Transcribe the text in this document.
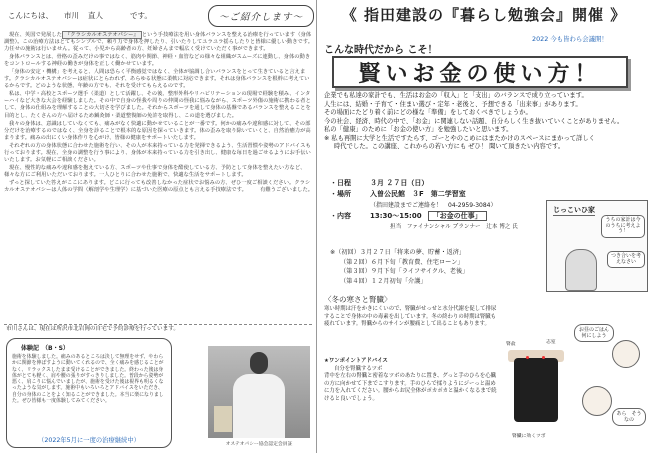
こんにちは、 市川 直人	です。	〜ご紹介します〜

現在、英国で発展した 『クラシカルオステオパシー』 という手技療法を用い身体バランスを整える治療を行っています（身体調整）。この治療方法はとてもシンプルで、頼り力で身体を押したり、引いたりしてユラユラ揺らしたりと皆様に優しい動きです。力任せの施術は行いません。従って、小児から高齢者の方、妊婦さんまで幅広く受けていただく事ができます。

身体バランスとは、骨格の歪みだけの事ではなく、筋肉や関節、神経・血管などの様々な組織がスムーズに連動し、身体の動きをコントロールする神経の働きが身体を正しく働かせています。

「身体の安定・機構」を考えると、人間は恐らく平衡感覚ではなく、全体が協調し合いバランスをとって生きていると言えます。クラシカルオステオパシーは症状にとらわれず、あらゆる状態に柔軟に対応できます。それは身体バランスを根幹に考えているからです。どのような状態、年齢の方でも、それを受けてもらえるのです。

私は、中学・高校とスポーツ選手（柔道）として活躍し、その後、整形外科やリハビリテーションの現場で経験を積み、インターハイなど大きな大会を経験しました。その中で自身の怪我や周りの仲間の怪我に悩みながら、スポーツ外傷の施術に携わる者として、身体の仕組みを理解することの大切さを学びました。それからスポーツを通して身体の基盤であるバランスを整えることを目的とし、たくさんの方へ届けるため鍼灸師・柔道整復師の免許を取得し、この道を選びました。

我々の身体は、意識はしていなくても、痛みがなく快適に動かせていることが一番です。何かの痛みや違和感に対して、その部分だけを治療するのではなく、全身を診ることで根本的な原因を探っていきます。体の歪みを取り除いていくと、自然治癒力が高まります。痛みの出にくい身体作りを心がけ、皆様の健康をサポートいたします。

それぞれの方の身体状態に合わせた施術を行い、その人が本来持っている力を発揮できるよう、生活習慣や姿勢のアドバイスも行っております。現在、全身の調整を行う事により、身体が本来持っている力を引き出し、健康な毎日を過ごせるようにお手伝いいたします。お気軽にご相談ください。

現在、慢性的な痛みや違和感を抱えている方、スポーツや仕事で身体を酷使している方、予防として身体を整えたい方など、様々な方にご利用いただいております。一人ひとりに合わせた施術で、快適な生活をサポートします。

ずっと探していた答えがここにあります。どこに行っても改善しなかった症状でお悩みの方、ぜひ一度ご相談ください。クラシカルオステオパシーは人体の学問（解剖学や生理学）に基づいた医療の原点とも言える手技療法です。　　　有難うございました。

市川さんは、現在は所沢市北岩岡の自宅で予約診療を行っています。
体験記　（B・S）
施術を体験しました。痛みのあるところは決して無理をせず、やわらかに関節を伸ばすように動いてくれるので、全く痛みを感じることがなく、リラックスしたまま受けることができました。終わった後は身体がとても軽く、肩や腰の張りがすっきりしました。普段から姿勢が悪く、肩こりに悩んでいましたが、施術を受けた後は視界も明るくなったような気がします。施術中もいろいろとアドバイスをいただき、自分の身体のことをよく知ることができました。本当に楽になりました。ぜひ皆様も一度体験してみてください。
（2022年5月に一度の治療継続中）
オステオパシー協会認定会員証
《 指田建設の『暮らし勉強会』開催 》
2022 今も皆わら会議開！
こんな時代だから こそ！
賢いお金の使い方！

企業でも私達の家計でも、生活はお金の「収入」と「支出」のバランスで成り立っています。

人生には、結婚・子育て・住まい選び・定年・老後と、予想できる「出来事」があります。

その場面にたどり着く前にどの様な「準備」をしておくべきでしょうか。

今の社会、経済、時代の中で、「お金」に関連しない話題、自分らしく生き抜いていくことがありません。

私の「健康」のために「お金の使い方」を勉強したいと思います。

※ 私も再開に大学と生活ですたらす、ゴーとやのこめにはまたかけのスペースにまかって詳しく

時代でした。この講座、これからの若い方にも ぜひ！ 聞いて頂きたい内容です。

・日程	３月 ２７日（日）
・場所	入曽公民館　３F　第二学習室
（指田建設までご連絡を！　04-2959-3084）
・内容	13:30〜15:00 「お金の仕事」
担当　ファイナンシャル プランナー　辻本 博之 氏
※（初回）３月２７日「将来の夢、貯蓄・返済」
（第２回）６月下旬「教育費、住宅ローン」
（第３回）９月下旬「ライフサイクル、老後」
（第４回）１２月初旬「介護」
じっこいひ家
うちの家計は今のうちに考えよう！
つき合いを考えなさい
〈冬の寒さと腎臓〉
寒い時期は汗をかきにくいので、腎臓がせっせと水分代謝を促して排尿することで身体の中の毒素を出しています。冬の終わりの時期は腎臓も疲れています。腎臓からのサインが腰痛として出ることもあります。

★ワンポイントアドバイス

自分を腎臓するツボ

背中を左右の腎臓と密着なツボのあたりに置き、グっと手のひらを心臓の方に向かせて下までこすります。手のひらで揉りようにジーっと温めに力を入れてください。腰からお尻全体がポカポカと温かくなるまで続けると良いでしょう。

志室
腎兪
腎臓に効くツボ
お昼のごはん何にしよう
あら　そうなの
